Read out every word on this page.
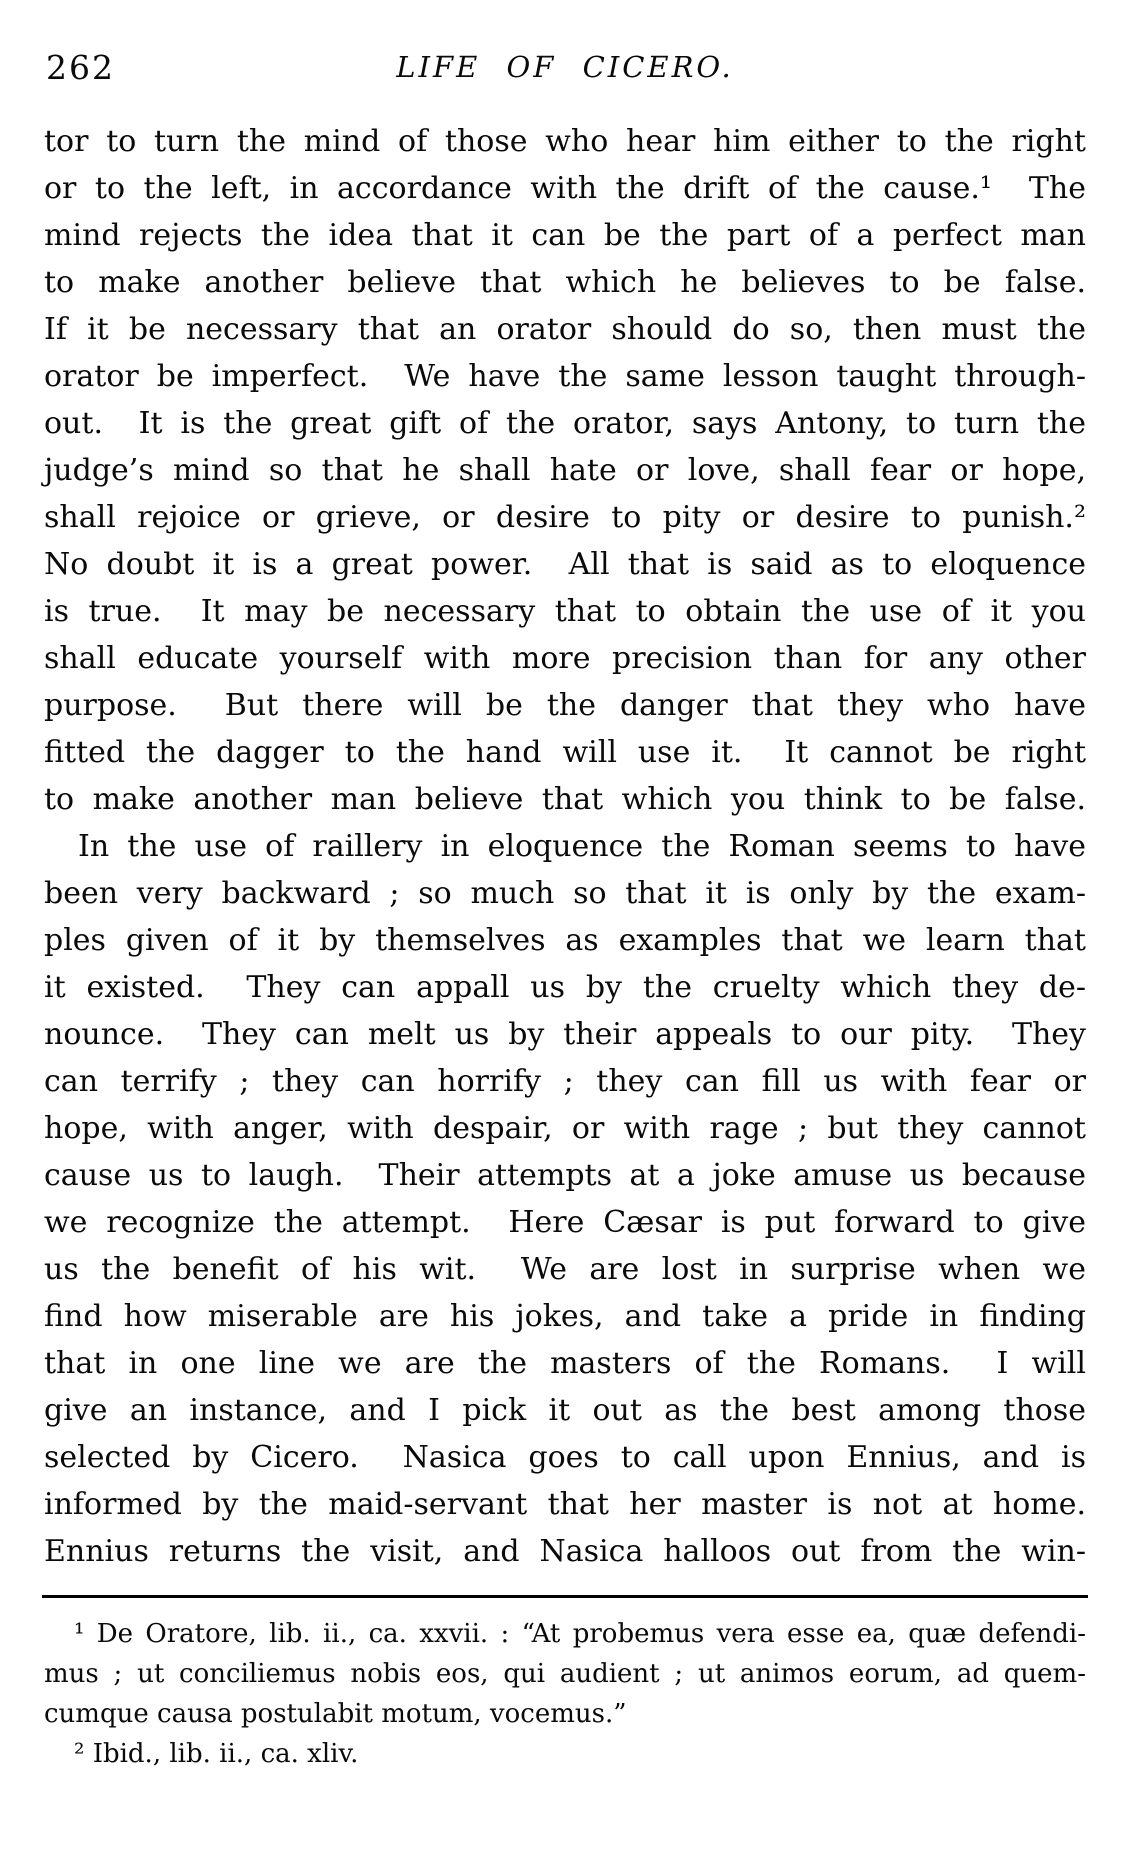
262	LIFE OF CICERO.
tor to turn the mind of those who hear him either to the right
or to the left, in accordance with the drift of the cause.¹  The
mind rejects the idea that it can be the part of a perfect man
to make another believe that which he believes to be false.
If it be necessary that an orator should do so, then must the
orator be imperfect.  We have the same lesson taught through-
out.  It is the great gift of the orator, says Antony, to turn the
judge’s mind so that he shall hate or love, shall fear or hope,
shall rejoice or grieve, or desire to pity or desire to punish.²
No doubt it is a great power.  All that is said as to eloquence
is true.  It may be necessary that to obtain the use of it you
shall educate yourself with more precision than for any other
purpose.  But there will be the danger that they who have
fitted the dagger to the hand will use it.  It cannot be right
to make another man believe that which you think to be false.
In the use of raillery in eloquence the Roman seems to have
been very backward ; so much so that it is only by the exam-
ples given of it by themselves as examples that we learn that
it existed.  They can appall us by the cruelty which they de-
nounce.  They can melt us by their appeals to our pity.  They
can terrify ; they can horrify ; they can fill us with fear or
hope, with anger, with despair, or with rage ; but they cannot
cause us to laugh.  Their attempts at a joke amuse us because
we recognize the attempt.  Here Cæsar is put forward to give
us the benefit of his wit.  We are lost in surprise when we
find how miserable are his jokes, and take a pride in finding
that in one line we are the masters of the Romans.  I will
give an instance, and I pick it out as the best among those
selected by Cicero.  Nasica goes to call upon Ennius, and is
informed by the maid-servant that her master is not at home.
Ennius returns the visit, and Nasica halloos out from the win-
¹ De Oratore, lib. ii., ca. xxvii. : “At probemus vera esse ea, quæ defendi-
mus ; ut conciliemus nobis eos, qui audient ; ut animos eorum, ad quem-
cumque causa postulabit motum, vocemus.”
² Ibid., lib. ii., ca. xliv.
